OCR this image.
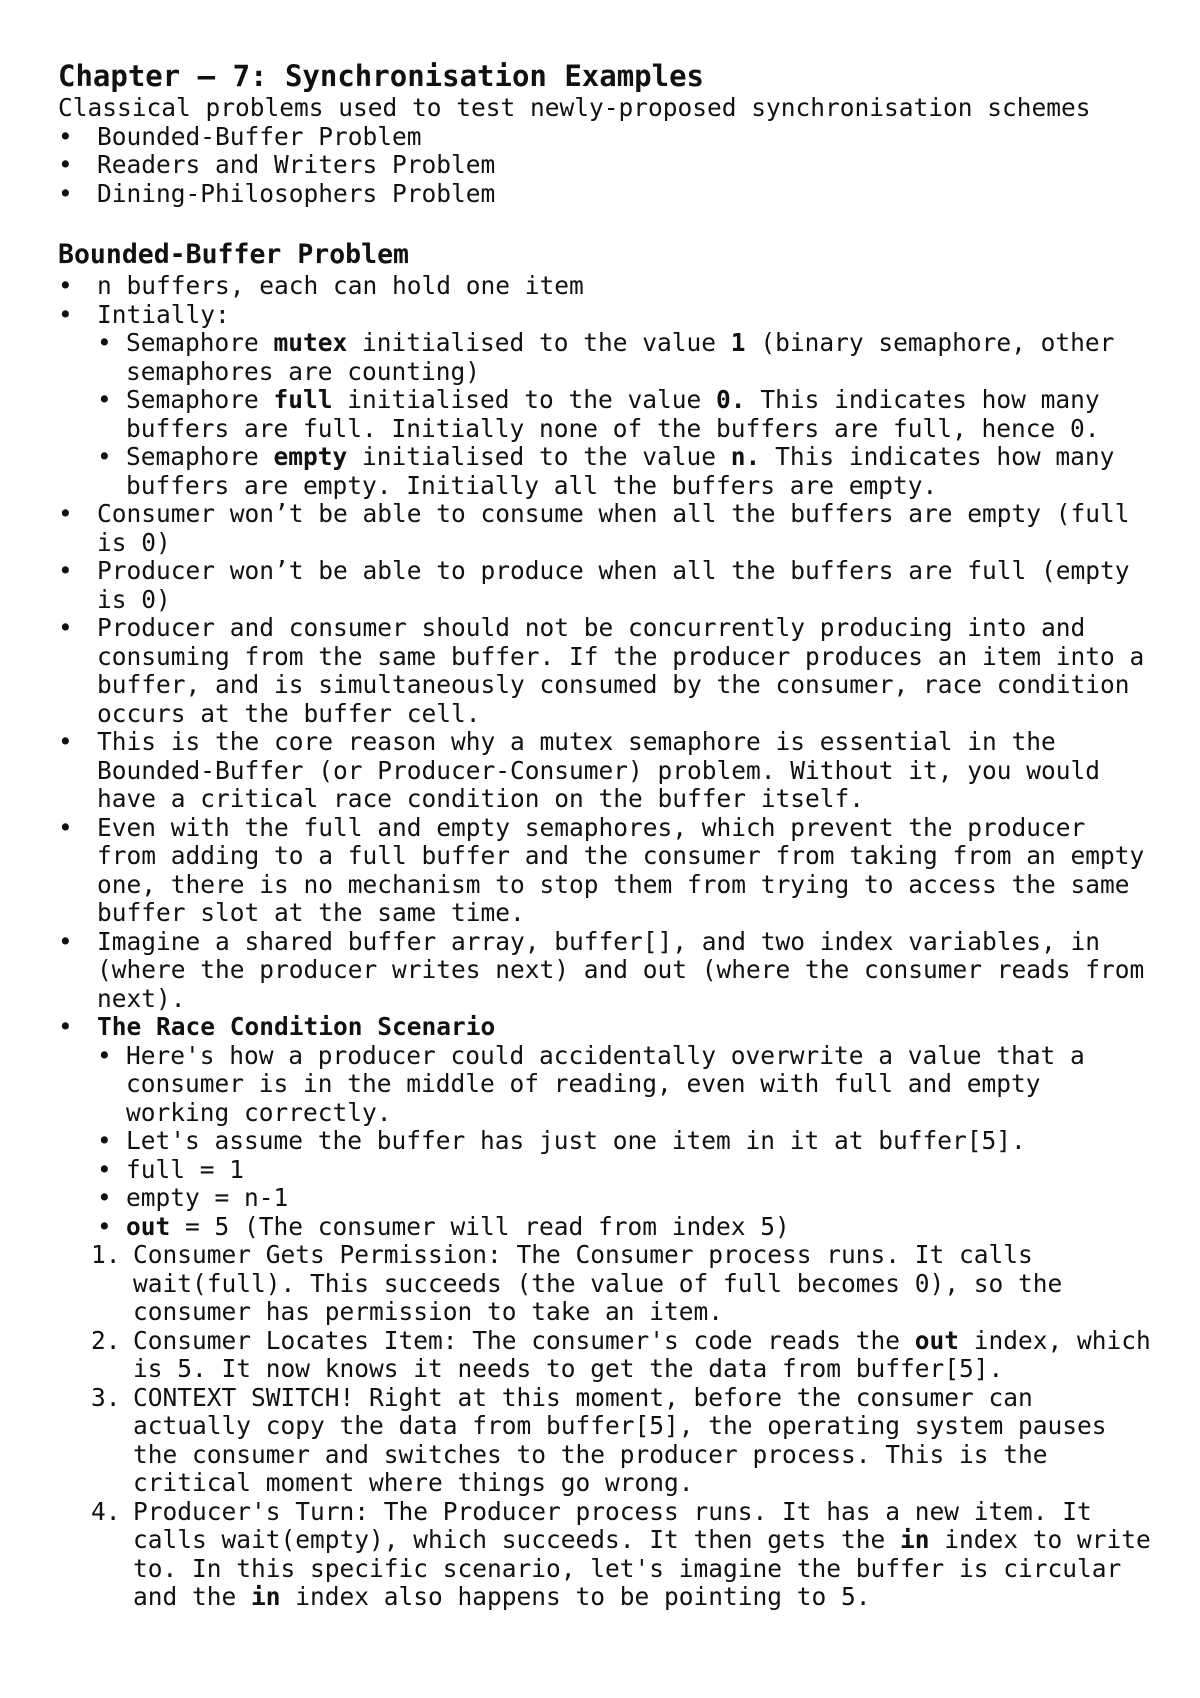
Chapter – 7: Synchronisation Examples
Classical problems used to test newly-proposed synchronisation schemes
• Bounded-Buffer Problem
• Readers and Writers Problem
• Dining-Philosophers Problem
Bounded-Buffer Problem
• n buffers, each can hold one item
• Intially:
• Semaphore mutex initialised to the value 1 (binary semaphore, other
semaphores are counting)
• Semaphore full initialised to the value 0. This indicates how many
buffers are full. Initially none of the buffers are full, hence 0.
• Semaphore empty initialised to the value n. This indicates how many
buffers are empty. Initially all the buffers are empty.
• Consumer won’t be able to consume when all the buffers are empty (full
is 0)
• Producer won’t be able to produce when all the buffers are full (empty
is 0)
• Producer and consumer should not be concurrently producing into and
consuming from the same buffer. If the producer produces an item into a
buffer, and is simultaneously consumed by the consumer, race condition
occurs at the buffer cell.
• This is the core reason why a mutex semaphore is essential in the
Bounded-Buffer (or Producer-Consumer) problem. Without it, you would
have a critical race condition on the buffer itself.
• Even with the full and empty semaphores, which prevent the producer
from adding to a full buffer and the consumer from taking from an empty
one, there is no mechanism to stop them from trying to access the same
buffer slot at the same time.
• Imagine a shared buffer array, buffer[], and two index variables, in
(where the producer writes next) and out (where the consumer reads from
next).
• The Race Condition Scenario
• Here's how a producer could accidentally overwrite a value that a
consumer is in the middle of reading, even with full and empty
working correctly.
• Let's assume the buffer has just one item in it at buffer[5].
• full = 1
• empty = n-1
• out = 5 (The consumer will read from index 5)
1. Consumer Gets Permission: The Consumer process runs. It calls
wait(full). This succeeds (the value of full becomes 0), so the
consumer has permission to take an item.
2. Consumer Locates Item: The consumer's code reads the out index, which
is 5. It now knows it needs to get the data from buffer[5].
3. CONTEXT SWITCH! Right at this moment, before the consumer can
actually copy the data from buffer[5], the operating system pauses
the consumer and switches to the producer process. This is the
critical moment where things go wrong.
4. Producer's Turn: The Producer process runs. It has a new item. It
calls wait(empty), which succeeds. It then gets the in index to write
to. In this specific scenario, let's imagine the buffer is circular
and the in index also happens to be pointing to 5.
